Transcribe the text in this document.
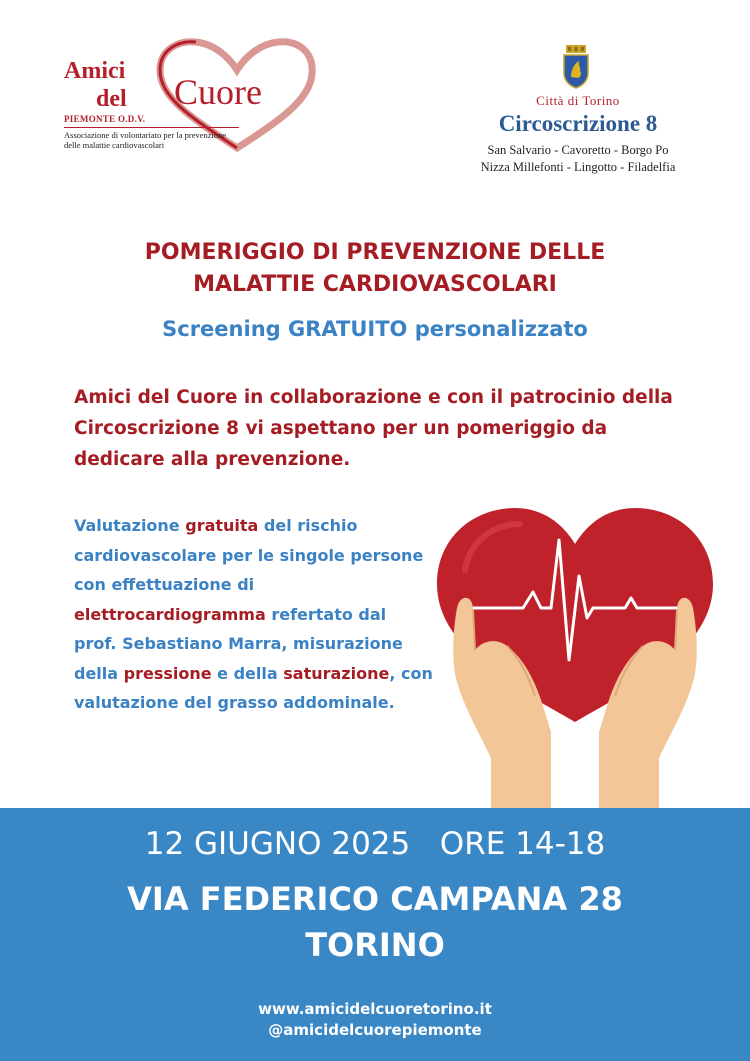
Amici
del Cuore
PIEMONTE O.D.V.
Associazione di volontariato per la prevenzione delle malattie cardiovascolari
Città di Torino
Circoscrizione 8
San Salvario - Cavoretto - Borgo Po
Nizza Millefonti - Lingotto - Filadelfia
POMERIGGIO DI PREVENZIONE DELLE
MALATTIE CARDIOVASCOLARI
Screening GRATUITO personalizzato
Amici del Cuore in collaborazione e con il patrocinio della Circoscrizione 8 vi aspettano per un pomeriggio da dedicare alla prevenzione.
Valutazione gratuita del rischio cardiovascolare per le singole persone con effettuazione di elettrocardiogramma refertato dal prof. Sebastiano Marra, misurazione della pressione e della saturazione, con valutazione del grasso addominale.
12 GIUGNO 2025   ORE 14-18
VIA FEDERICO CAMPANA 28
TORINO
www.amicidelcuoretorino.it
@amicidelcuorepiemonte
